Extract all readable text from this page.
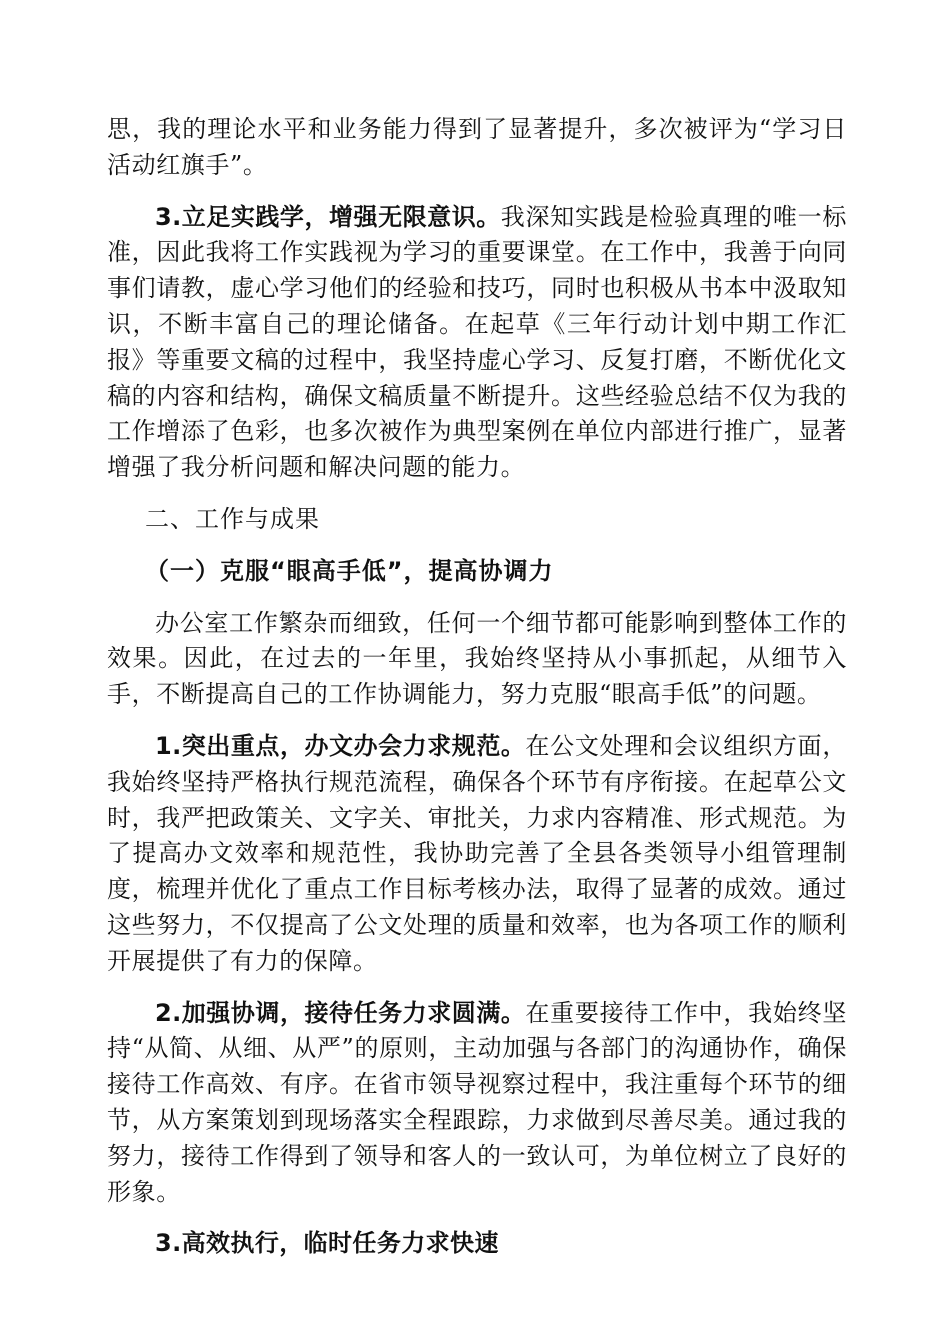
思，我的理论水平和业务能力得到了显著提升，多次被评为“学习日活动红旗手”。

3.立足实践学，增强无限意识。我深知实践是检验真理的唯一标准，因此我将工作实践视为学习的重要课堂。在工作中，我善于向同事们请教，虚心学习他们的经验和技巧，同时也积极从书本中汲取知识，不断丰富自己的理论储备。在起草《三年行动计划中期工作汇报》等重要文稿的过程中，我坚持虚心学习、反复打磨，不断优化文稿的内容和结构，确保文稿质量不断提升。这些经验总结不仅为我的工作增添了色彩，也多次被作为典型案例在单位内部进行推广，显著增强了我分析问题和解决问题的能力。

二、工作与成果

（一）克服“眼高手低”，提高协调力

办公室工作繁杂而细致，任何一个细节都可能影响到整体工作的效果。因此，在过去的一年里，我始终坚持从小事抓起，从细节入手，不断提高自己的工作协调能力，努力克服“眼高手低”的问题。

1.突出重点，办文办会力求规范。在公文处理和会议组织方面，我始终坚持严格执行规范流程，确保各个环节有序衔接。在起草公文时，我严把政策关、文字关、审批关，力求内容精准、形式规范。为了提高办文效率和规范性，我协助完善了全县各类领导小组管理制度，梳理并优化了重点工作目标考核办法，取得了显著的成效。通过这些努力，不仅提高了公文处理的质量和效率，也为各项工作的顺利开展提供了有力的保障。

2.加强协调，接待任务力求圆满。在重要接待工作中，我始终坚持“从简、从细、从严”的原则，主动加强与各部门的沟通协作，确保接待工作高效、有序。在省市领导视察过程中，我注重每个环节的细节，从方案策划到现场落实全程跟踪，力求做到尽善尽美。通过我的努力，接待工作得到了领导和客人的一致认可，为单位树立了良好的形象。

3.高效执行，临时任务力求快速
